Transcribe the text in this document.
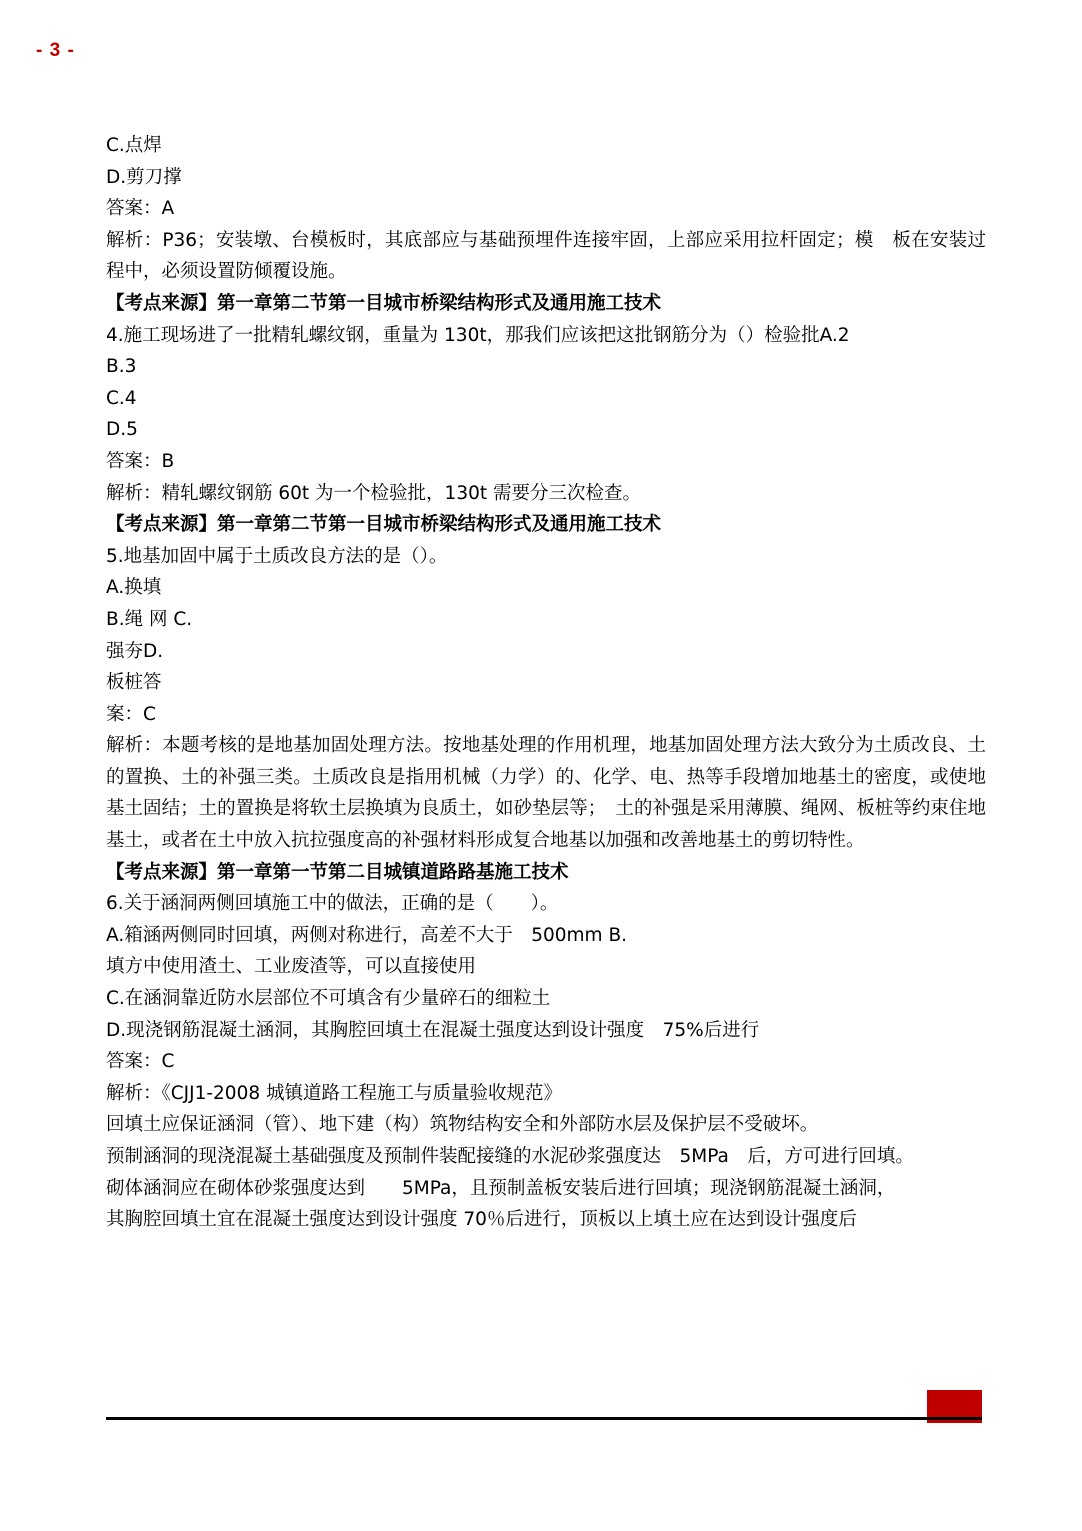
- 3 -
C.点焊
D.剪刀撑
答案：A
解析：P36；安装墩、台模板时，其底部应与基础预埋件连接牢固，上部应采用拉杆固定；模　板在安装过程中，必须设置防倾覆设施。
【考点来源】第一章第二节第一目城市桥梁结构形式及通用施工技术
4.施工现场进了一批精轧螺纹钢，重量为 130t，那我们应该把这批钢筋分为（）检验批A.2
B.3
C.4
D.5
答案：B
解析：精轧螺纹钢筋 60t 为一个检验批，130t 需要分三次检查。
【考点来源】第一章第二节第一目城市桥梁结构形式及通用施工技术
5.地基加固中属于土质改良方法的是（）。
A.换填
B.绳 网 C.
强夯D.
板桩答
案：C
解析：本题考核的是地基加固处理方法。按地基处理的作用机理，地基加固处理方法大致分为土质改良、土的置换、土的补强三类。土质改良是指用机械（力学）的、化学、电、热等手段增加地基土的密度，或使地基土固结；土的置换是将软土层换填为良质土，如砂垫层等；　土的补强是采用薄膜、绳网、板桩等约束住地基土，或者在土中放入抗拉强度高的补强材料形成复合地基以加强和改善地基土的剪切特性。
【考点来源】第一章第一节第二目城镇道路路基施工技术
6.关于涵洞两侧回填施工中的做法，正确的是（　　）。
A.箱涵两侧同时回填，两侧对称进行，高差不大于　500mm B.
填方中使用渣土、工业废渣等，可以直接使用
C.在涵洞靠近防水层部位不可填含有少量碎石的细粒土
D.现浇钢筋混凝土涵洞，其胸腔回填土在混凝土强度达到设计强度　75%后进行
答案：C
解析：《CJJ1-2008 城镇道路工程施工与质量验收规范》
回填土应保证涵洞（管）、地下建（构）筑物结构安全和外部防水层及保护层不受破坏。
预制涵洞的现浇混凝土基础强度及预制件装配接缝的水泥砂浆强度达　5MPa　后，方可进行回填。
砌体涵洞应在砌体砂浆强度达到　　5MPa，且预制盖板安装后进行回填；现浇钢筋混凝土涵洞，
其胸腔回填土宜在混凝土强度达到设计强度 70％后进行，顶板以上填土应在达到设计强度后
